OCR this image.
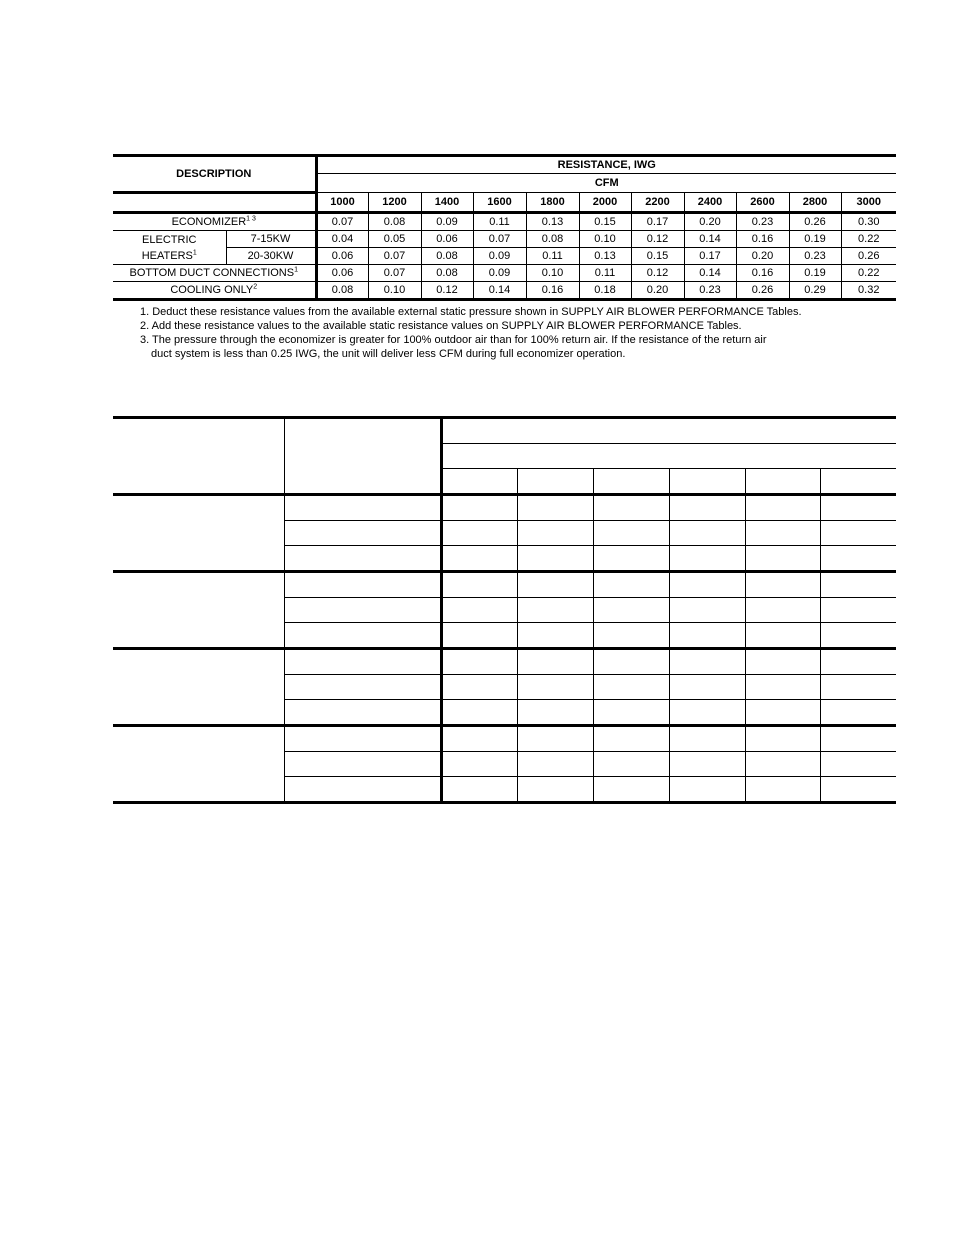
DESCRIPTION		RESISTANCE, IWG										
		CFM										
		1000	1200	1400	1600	1800	2000	2200	2400	2600	2800	3000
$ECONOMIZER^{1 3}$		0.07	0.08	0.09	0.11	0.13	0.15	0.17	0.20	0.23	0.26	0.30

ELECTRIC
HEATERS$^1$	7-15KW	0.04	0.05	0.06	0.07	0.08	0.10	0.12	0.14	0.16	0.19	0.22
	20-30KW	0.06	0.07	0.08	0.09	0.11	0.13	0.15	0.17	0.20	0.23	0.26
BOTTOM DUCT CONNECTIONS$^1$		0.06	0.07	0.08	0.09	0.10	0.11	0.12	0.14	0.16	0.19	0.22
COOLING ONLY$^2$		0.08	0.10	0.12	0.14	0.16	0.18	0.20	0.23	0.26	0.29	0.32
1. Deduct these resistance values from the available external static pressure shown in SUPPLY AIR BLOWER PERFORMANCE Tables.
2. Add these resistance values to the available static resistance values on SUPPLY AIR BLOWER PERFORMANCE Tables.
3. The pressure through the economizer is greater for 100% outdoor air than for 100% return air. If the resistance of the return air
duct system is less than 0.25 IWG, the unit will deliver less CFM during full economizer operation.
